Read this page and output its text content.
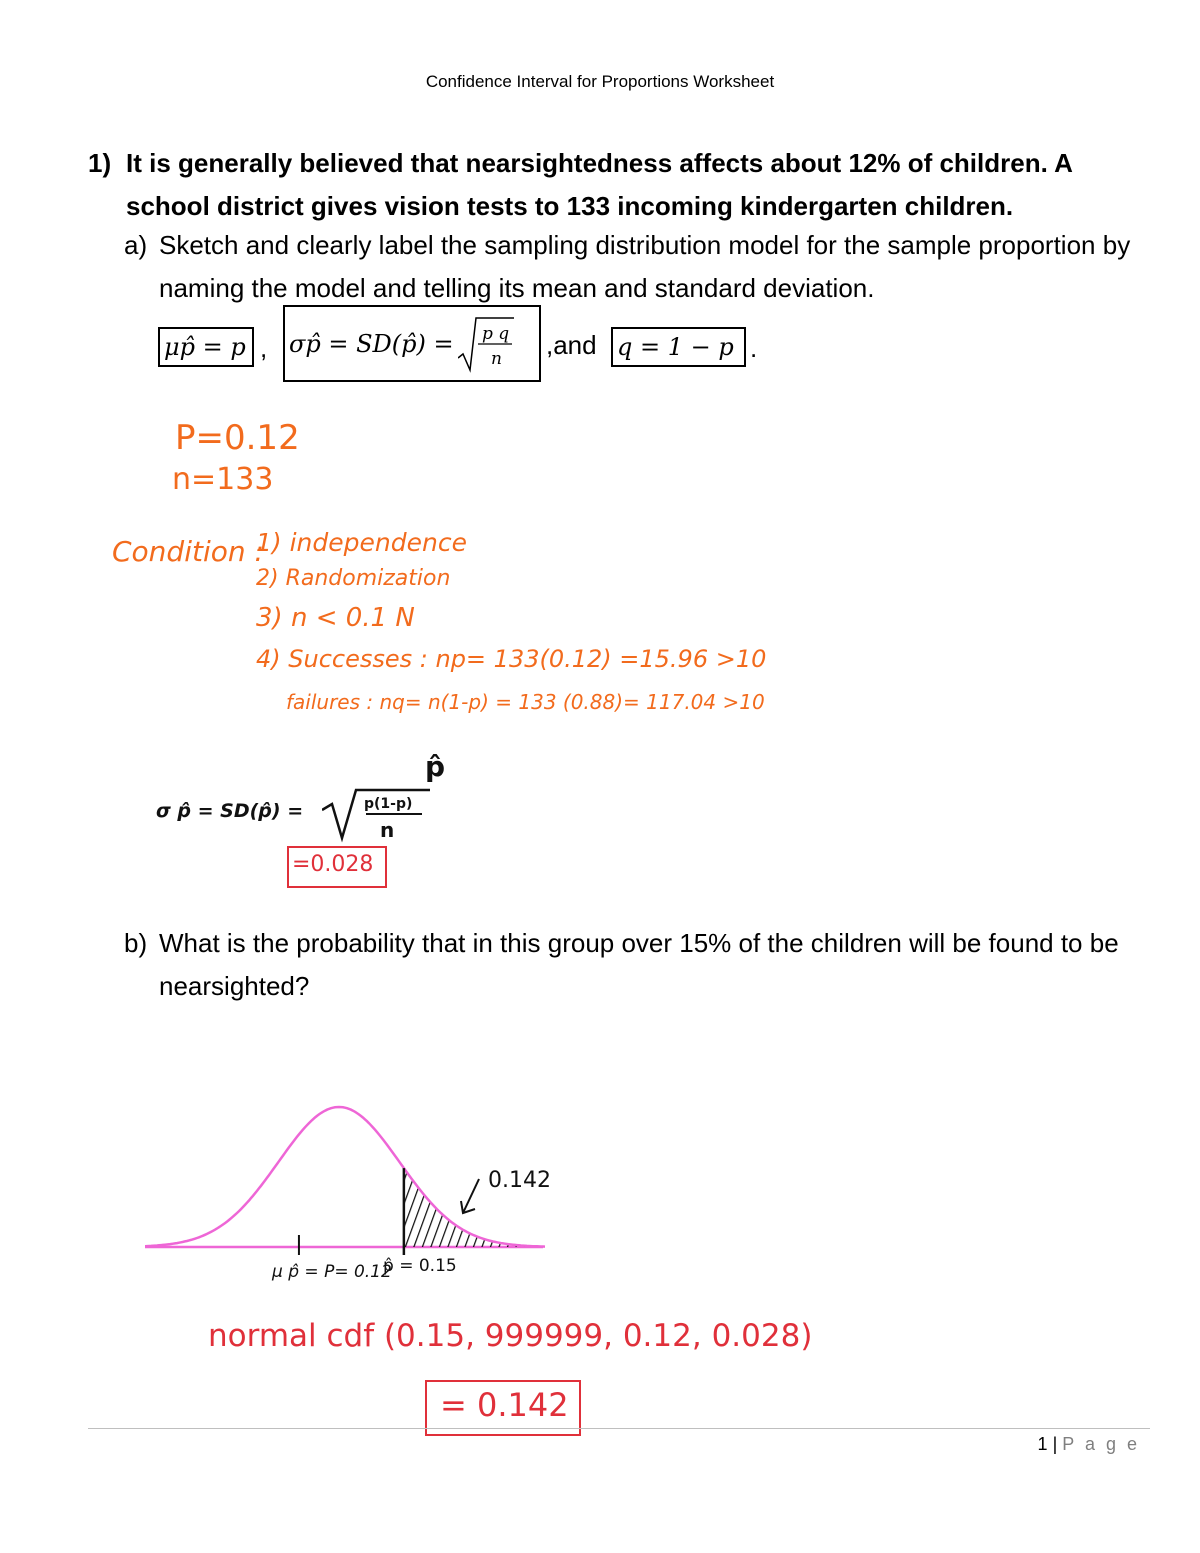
Confidence Interval for Proportions Worksheet
1) It is generally believed that nearsightedness affects about 12% of children. A school district gives vision tests to 133 incoming kindergarten children.
a) Sketch and clearly label the sampling distribution model for the sample proportion by naming the model and telling its mean and standard deviation.
μp̂ = p , σp̂ = SD(p̂) = p q
n ,and q = 1 − p .
P=0.12
n=133
Condition :
1) independence
2) Randomization
3) n < 0.1 N
4) Successes : np= 133(0.12) =15.96 >10
failures : nq= n(1-p) = 133 (0.88)= 117.04 >10
σ p̂ = SD(p̂) =	p(1-p)
n
p̂
=0.028
b) What is the probability that in this group over 15% of the children will be found to be nearsighted?
0.142
μ p̂ = P= 0.12
p̂ = 0.15
normal cdf (0.15, 999999, 0.12, 0.028)
= 0.142
1 | P a g e
